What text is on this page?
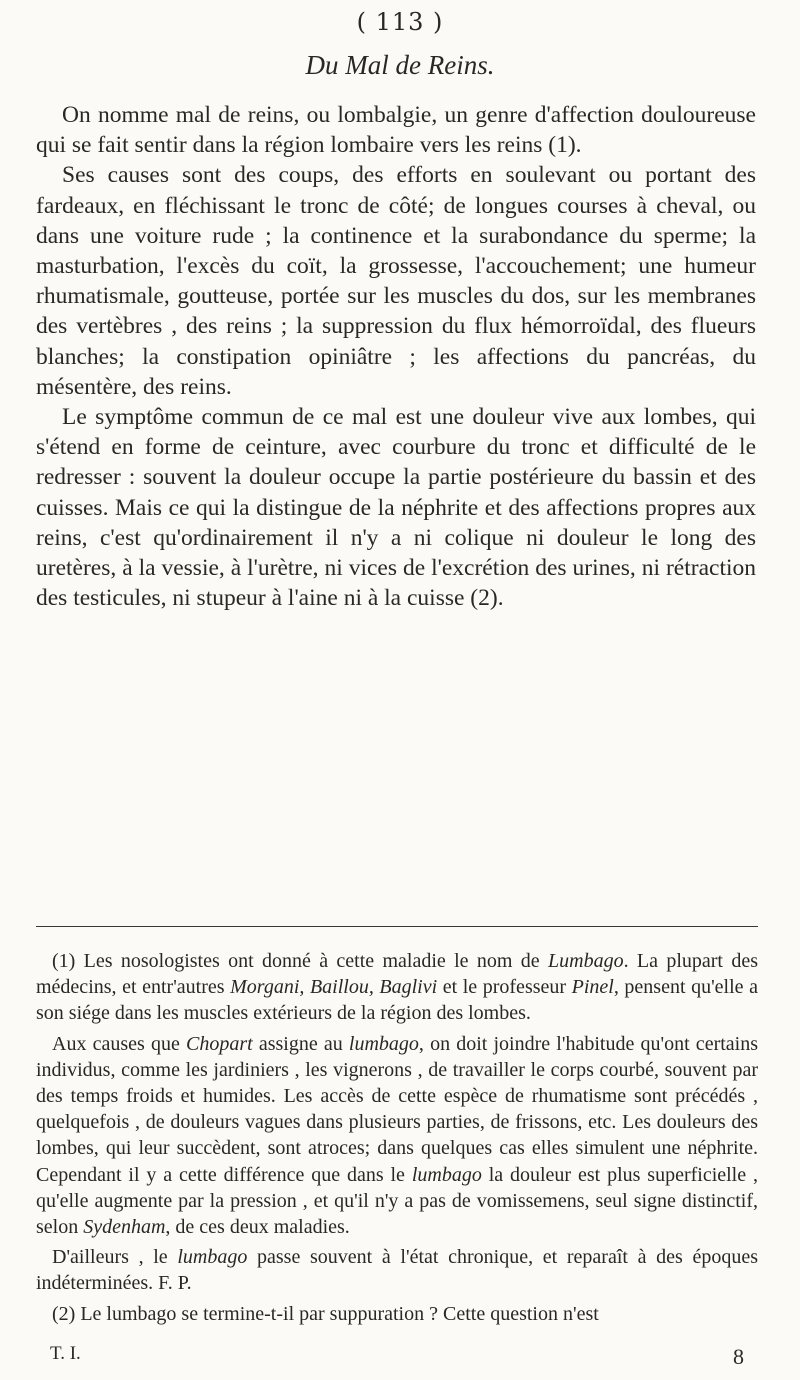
( 113 )
Du Mal de Reins.

On nomme mal de reins, ou lombalgie, un genre d'affection douloureuse qui se fait sentir dans la région lombaire vers les reins (1).

Ses causes sont des coups, des efforts en soulevant ou portant des fardeaux, en fléchissant le tronc de côté; de longues courses à cheval, ou dans une voiture rude ; la continence et la surabondance du sperme; la masturbation, l'excès du coït, la grossesse, l'accouchement; une humeur rhumatismale, goutteuse, portée sur les muscles du dos, sur les membranes des vertèbres , des reins ; la suppression du flux hémorroïdal, des flueurs blanches; la constipation opiniâtre ; les affections du pancréas, du mésentère, des reins.

Le symptôme commun de ce mal est une douleur vive aux lombes, qui s'étend en forme de ceinture, avec courbure du tronc et difficulté de le redresser : souvent la douleur occupe la partie postérieure du bassin et des cuisses. Mais ce qui la distingue de la néphrite et des affections propres aux reins, c'est qu'ordinairement il n'y a ni colique ni douleur le long des uretères, à la vessie, à l'urètre, ni vices de l'excrétion des urines, ni rétraction des testicules, ni stupeur à l'aine ni à la cuisse (2).

(1) Les nosologistes ont donné à cette maladie le nom de Lumbago. La plupart des médecins, et entr'autres Morgani, Baillou, Baglivi et le professeur Pinel, pensent qu'elle a son siége dans les muscles extérieurs de la région des lombes.

Aux causes que Chopart assigne au lumbago, on doit joindre l'habitude qu'ont certains individus, comme les jardiniers , les vignerons , de travailler le corps courbé, souvent par des temps froids et humides. Les accès de cette espèce de rhumatisme sont précédés , quelquefois , de douleurs vagues dans plusieurs parties, de frissons, etc. Les douleurs des lombes, qui leur succèdent, sont atroces; dans quelques cas elles simulent une néphrite. Cependant il y a cette différence que dans le lumbago la douleur est plus superficielle , qu'elle augmente par la pression , et qu'il n'y a pas de vomissemens, seul signe distinctif, selon Sydenham, de ces deux maladies.

D'ailleurs , le lumbago passe souvent à l'état chronique, et reparaît à des époques indéterminées. F. P.

(2) Le lumbago se termine-t-il par suppuration ? Cette question n'est

T. I.	8
